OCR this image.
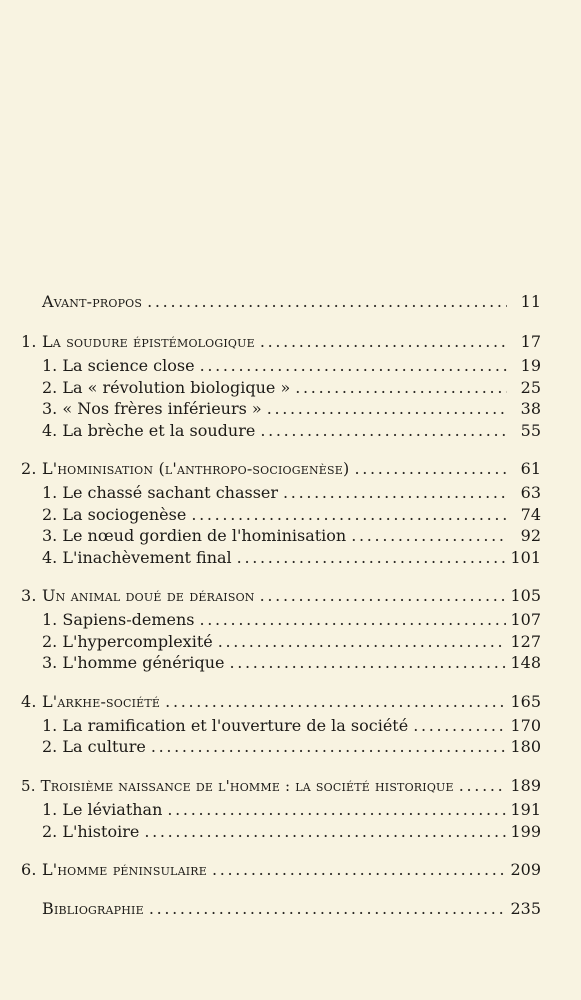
Avant-propos . . .	11
1. La soudure épistémologique . . .	17
1. La science close . . .	19
2. La « révolution biologique » . . .	25
3. « Nos frères inférieurs » . . .	38
4. La brèche et la soudure . . .	55
2. L'hominisation (l'anthropo-sociogenèse) . . .	61
1. Le chassé sachant chasser . . .	63
2. La sociogenèse . . .	74
3. Le nœud gordien de l'hominisation . . .	92
4. L'inachèvement final . . .	101
3. Un animal doué de déraison . . .	105
1. Sapiens-demens . . .	107
2. L'hypercomplexité . . .	127
3. L'homme générique . . .	148
4. L'arkhe-société . . .	165
1. La ramification et l'ouverture de la société . . .	170
2. La culture . . .	180
5. Troisième naissance de l'homme : la société historique . . .	189
1. Le léviathan . . .	191
2. L'histoire . . .	199
6. L'homme péninsulaire . . .	209
Bibliographie . . .	235
